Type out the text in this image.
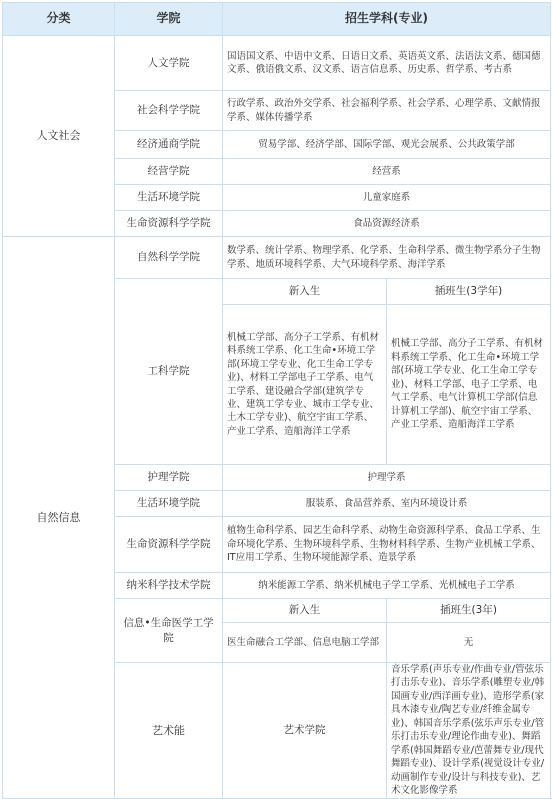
分类	学院	招生学科(专业)	
人文社会	人文学院	国语国文系、中语中文系、日语日文系、英语英文系、法语法文系、德国德文系、俄语俄文系、汉文系、语言信息系、历史系、哲学系、考古系	
	社会科学学院	行政学系、政治外交学系、社会福利学系、社会学系、心理学系、文献情报学系、媒体传播学系	
	经济通商学院	贸易学部、经济学部、国际学部、观光会展系、公共政策学部	
	经营学院	经营系	
	生活环境学院	儿童家庭系	
	生命资源科学学院	食品资源经济系	
自然信息	自然科学学院	数学系、统计学系、物理学系、化学系、生命科学系、微生物学系分子生物学系、地质环境科学系、大气环境科学系、海洋学系	
	工科学院	新入生	插班生(3学年)
		机械工学部、高分子工学系、有机材料系统工学系、化工生命•环境工学部(环境工学专业、化工生命工学专业)、材料工学部电子工学系、电气工学系、建设融合学部(建筑学专业、建筑工学专业、城市工学专业、土木工学专业)、航空宇宙工学系、产业工学系、造船海洋工学系	机械工学部、高分子工学系、有机材料系统工学系、化工生命•环境工学部(环境工学专业、化工生命工学专业)、材料工学部、电子工学系、电气工学系、电气计算机工学部(信息计算机工学部)、航空宇宙工学系、产业工学系、造船海洋工学系
	护理学院	护理学系	
	生活环境学院	服装系、食品营养系、室内环境设计系	
	生命资源科学学院	植物生命科学系、园艺生命科学系、动物生命资源科学系、食品工学系、生命环境化学系、生物环境科学系、生物材料科学系、生物产业机械工学系、IT应用工学系、生物环境能源学系、造景学系	
	纳米科学技术学院	纳米能源工学系、纳米机械电子学工学系、光机械电子工学系	
	信息•生命医学工学院	新入生	插班生(3年)
		医生命融合工学部、信息电脑工学部	无
	艺术能	艺术学院	音乐学系(声乐专业/作曲专业/管弦乐打击乐专业)、音乐学系(雕塑专业/韩国画专业/西洋画专业)、造形学系(家具木漆专业/陶艺专业/纤维金属专业)、韩国音乐学系(弦乐声乐专业/管乐打击乐专业/理论作曲专业)、舞蹈学系(韩国舞蹈专业/芭蕾舞专业/现代舞蹈专业)、设计学系(视觉设计专业/动画制作专业/设计与科技专业)、艺术文化影像学系
